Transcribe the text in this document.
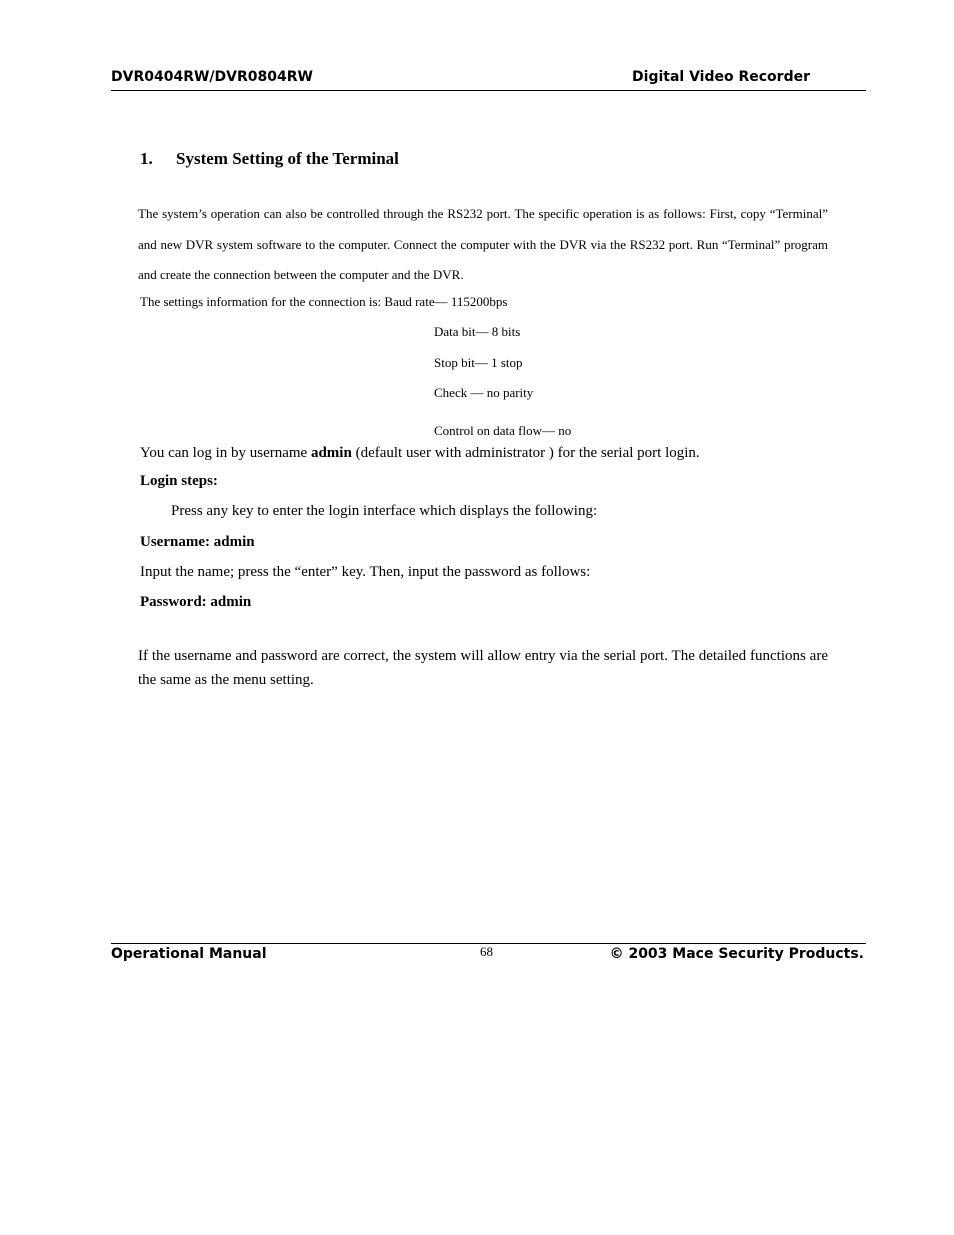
DVR0404RW/DVR0804RW	Digital Video Recorder
1. System Setting of the Terminal
The system’s operation can also be controlled through the RS232 port. The specific operation is as follows: First, copy “Terminal” and new DVR system software to the computer. Connect the computer with the DVR via the RS232 port. Run “Terminal” program and create the connection between the computer and the DVR.
The settings information for the connection is: Baud rate— 115200bps
Data bit— 8 bits
Stop bit— 1 stop
Check — no parity
Control on data flow— no
You can log in by username admin (default user with administrator ) for the serial port login.
Login steps:
Press any key to enter the login interface which displays the following:
Username: admin
Input the name; press the “enter” key. Then, input the password as follows:
Password: admin
If the username and password are correct, the system will allow entry via the serial port. The detailed functions are the same as the menu setting.
Operational Manual	68	© 2003 Mace Security Products.
